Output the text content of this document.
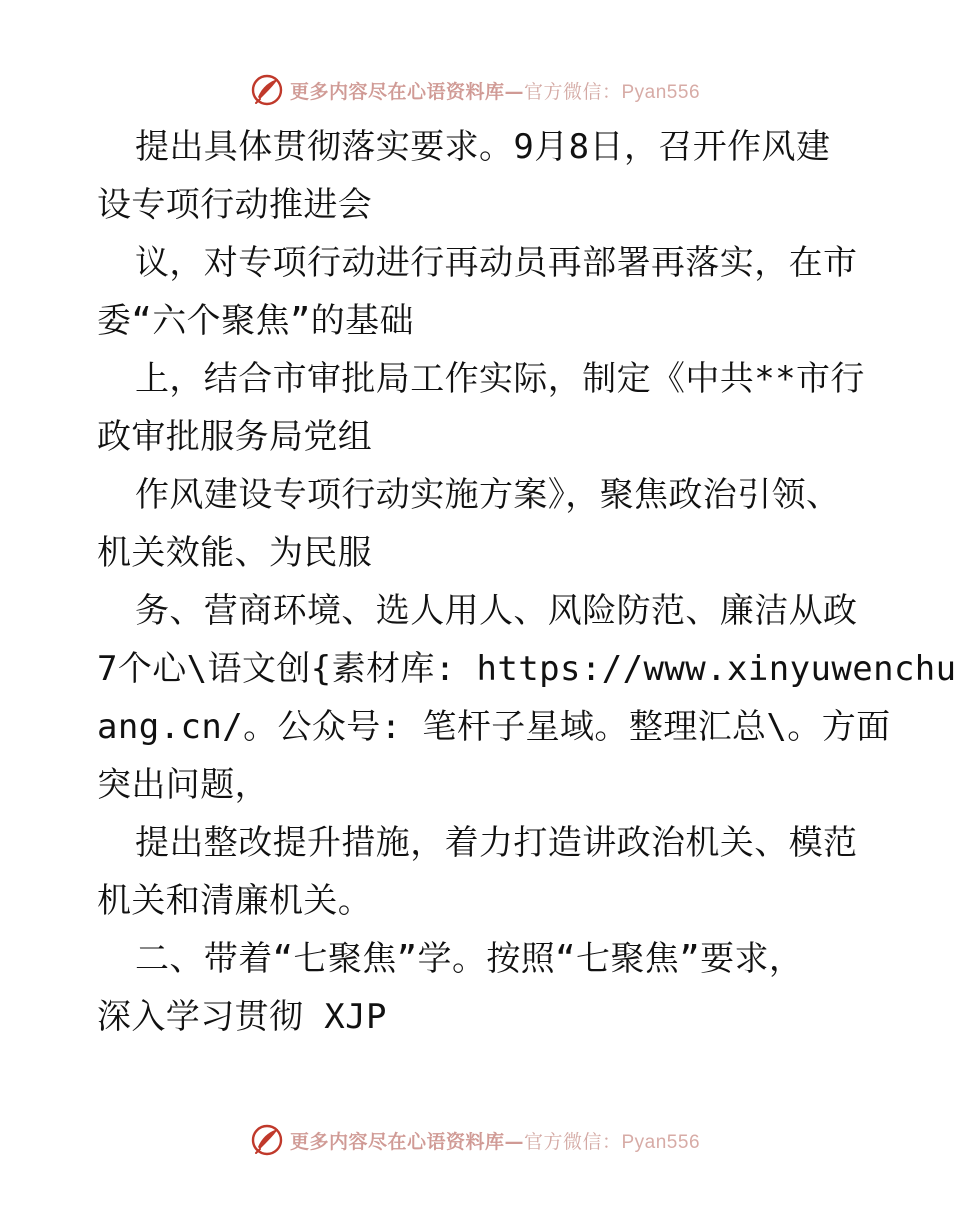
更多内容尽在心语资料库—官方微信：Pyan556
提出具体贯彻落实要求。9月8日，召开作风建
设专项行动推进会
议，对专项行动进行再动员再部署再落实，在市
委“六个聚焦”的基础
上，结合市审批局工作实际，制定《中共**市行
政审批服务局党组
作风建设专项行动实施方案》，聚焦政治引领、
机关效能、为民服
务、营商环境、选人用人、风险防范、廉洁从政
7个心\语文创{素材库: https://www.xinyuwenchu
ang.cn/。公众号: 笔杆子星域。整理汇总\。方面
突出问题，
提出整改提升措施，着力打造讲政治机关、模范
机关和清廉机关。
二、带着“七聚焦”学。按照“七聚焦”要求，
深入学习贯彻 XJP
更多内容尽在心语资料库—官方微信：Pyan556
